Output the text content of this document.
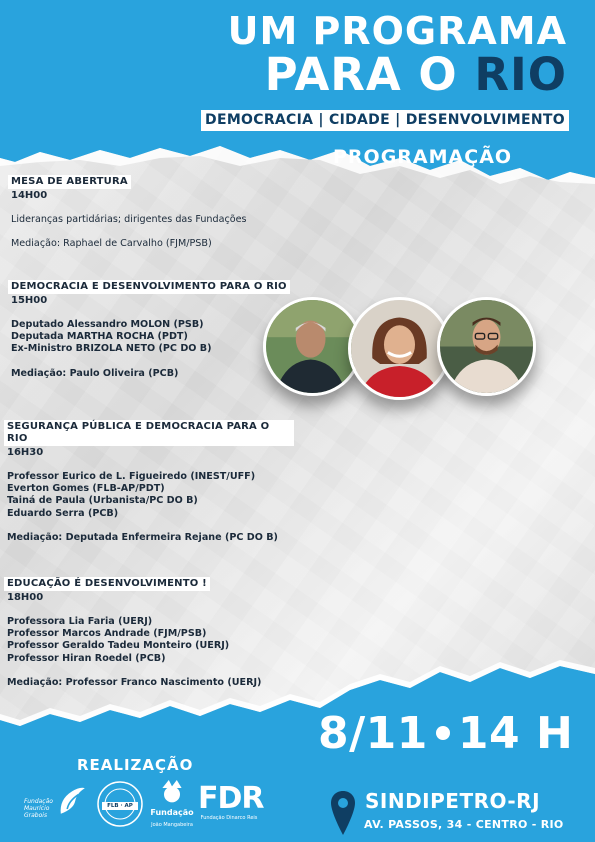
UM PROGRAMA
PARA O RIO
DEMOCRACIA | CIDADE | DESENVOLVIMENTO
PROGRAMAÇÃO
MESA DE ABERTURA
14H00
Lideranças partidárias; dirigentes das Fundações
Mediação: Raphael de Carvalho (FJM/PSB)
DEMOCRACIA E DESENVOLVIMENTO PARA O RIO
15H00
Deputado Alessandro MOLON (PSB)
Deputada MARTHA ROCHA (PDT)
Ex-Ministro BRIZOLA NETO (PC DO B)
Mediação: Paulo Oliveira (PCB)
SEGURANÇA PÚBLICA E DEMOCRACIA PARA O RIO
16H30
Professor Eurico de L. Figueiredo (INEST/UFF)
Everton Gomes (FLB-AP/PDT)
Tainá de Paula (Urbanista/PC DO B)
Eduardo Serra (PCB)
Mediação: Deputada Enfermeira Rejane (PC DO B)
EDUCAÇÃO É DESENVOLVIMENTO !
18H00
Professora Lia Faria (UERJ)
Professor Marcos Andrade (FJM/PSB)
Professor Geraldo Tadeu Monteiro (UERJ)
Professor Hiran Roedel (PCB)
Mediação: Professor Franco Nascimento (UERJ)
8/11 14 H
SINDIPETRO-RJ
AV. PASSOS, 34 - CENTRO - RIO
REALIZAÇÃO
Fundação
Maurício
Grabois
FLB · AP
Fundação
João Mangabeira
FDR
Fundação Dinarco Reis
